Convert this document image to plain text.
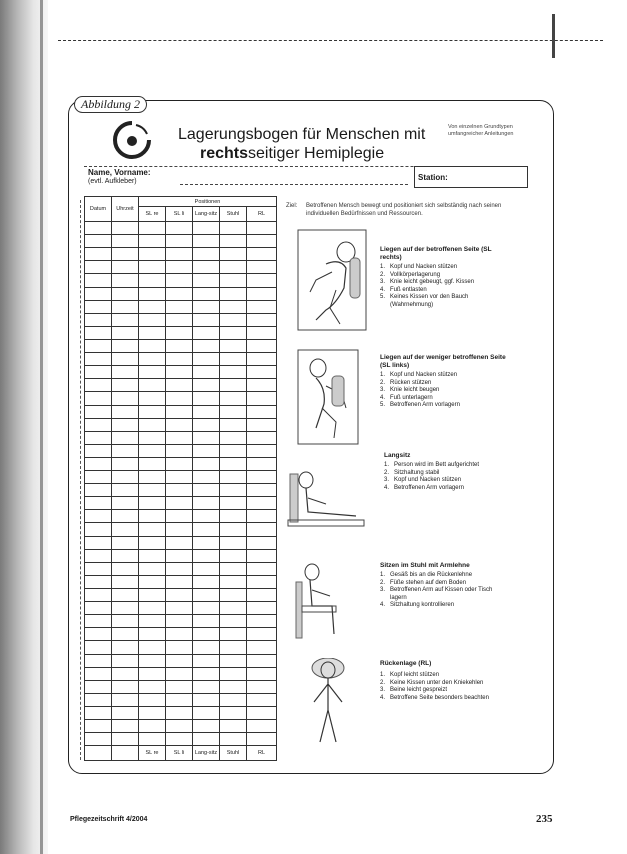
Abbildung 2
Lagerungsbogen für Menschen mit
rechtsseitiger Hemiplegie
Von einzelnen Grundtypen umfangreicher Anleitungen
Name, Vorname:
(evtl. Aufkleber)	Station:
Datum	Uhrzeit	Positionen				
		SL re	SL li	Lang-sitz	Stuhl	RL

		SL re	SL li	Lang-sitz	Stuhl	RL
Ziel: Betroffenen Mensch bewegt und positioniert sich selbständig nach seinen individuellen Bedürfnissen und Ressourcen.
Liegen auf der betroffenen Seite (SL rechts)
1. Kopf und Nacken stützen
2. Vollkörperlagerung
3. Knie leicht gebeugt, ggf. Kissen
4. Fuß entlasten
5. Keines Kissen vor den Bauch (Wahrnehmung)
Liegen auf der weniger betroffenen Seite (SL links)
1. Kopf und Nacken stützen
2. Rücken stützen
3. Knie leicht beugen
4. Fuß unterlagern
5. Betroffenen Arm vorlagern
Langsitz
1. Person wird im Bett aufgerichtet
2. Sitzhaltung stabil
3. Kopf und Nacken stützen
4. Betroffenen Arm vorlagern
Sitzen im Stuhl mit Armlehne
1. Gesäß bis an die Rückenlehne
2. Füße stehen auf dem Boden
3. Betroffenen Arm auf Kissen oder Tisch lagern
4. Sitzhaltung kontrollieren
Rückenlage (RL)
1. Kopf leicht stützen
2. Keine Kissen unter den Kniekehlen
3. Beine leicht gespreizt
4. Betroffene Seite besonders beachten
Pflegezeitschrift 4/2004	235
